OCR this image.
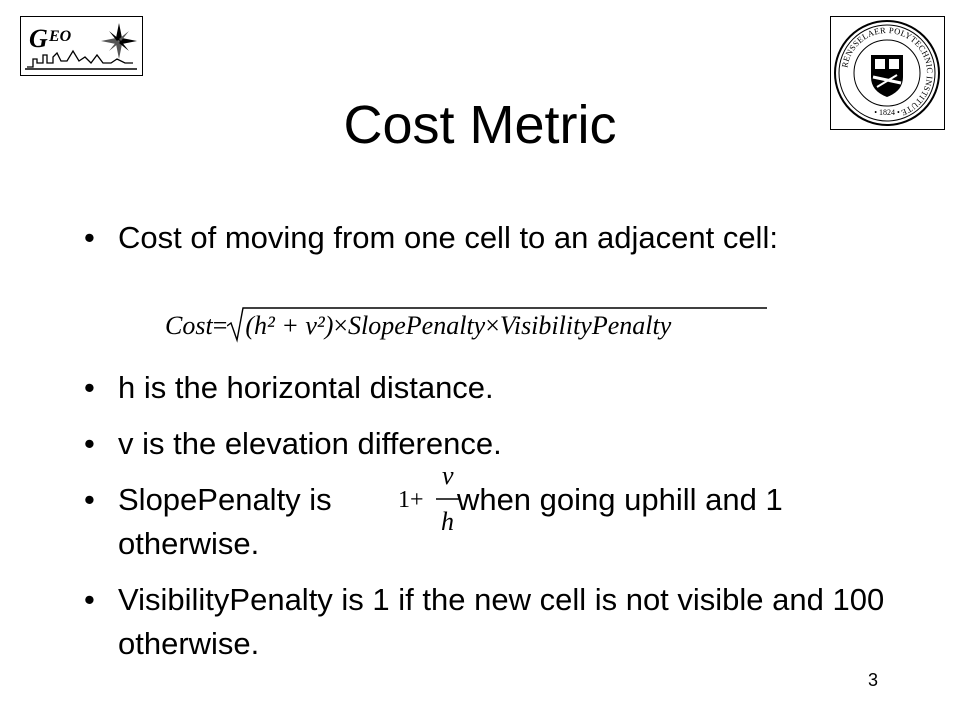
G EO
RENSSELAER POLYTECHNIC INSTITUTE
• 1824 •
Cost Metric
• Cost of moving from one cell to an adjacent cell:
• h is the horizontal distance.
• v is the elevation difference.
• SlopePenalty is	when going uphill and 1 otherwise.
• VisibilityPenalty is 1 if the new cell is not visible and 100 otherwise.
Cost= (h² + v²)×SlopePenalty×VisibilityPenalty
1+
v
h
3
